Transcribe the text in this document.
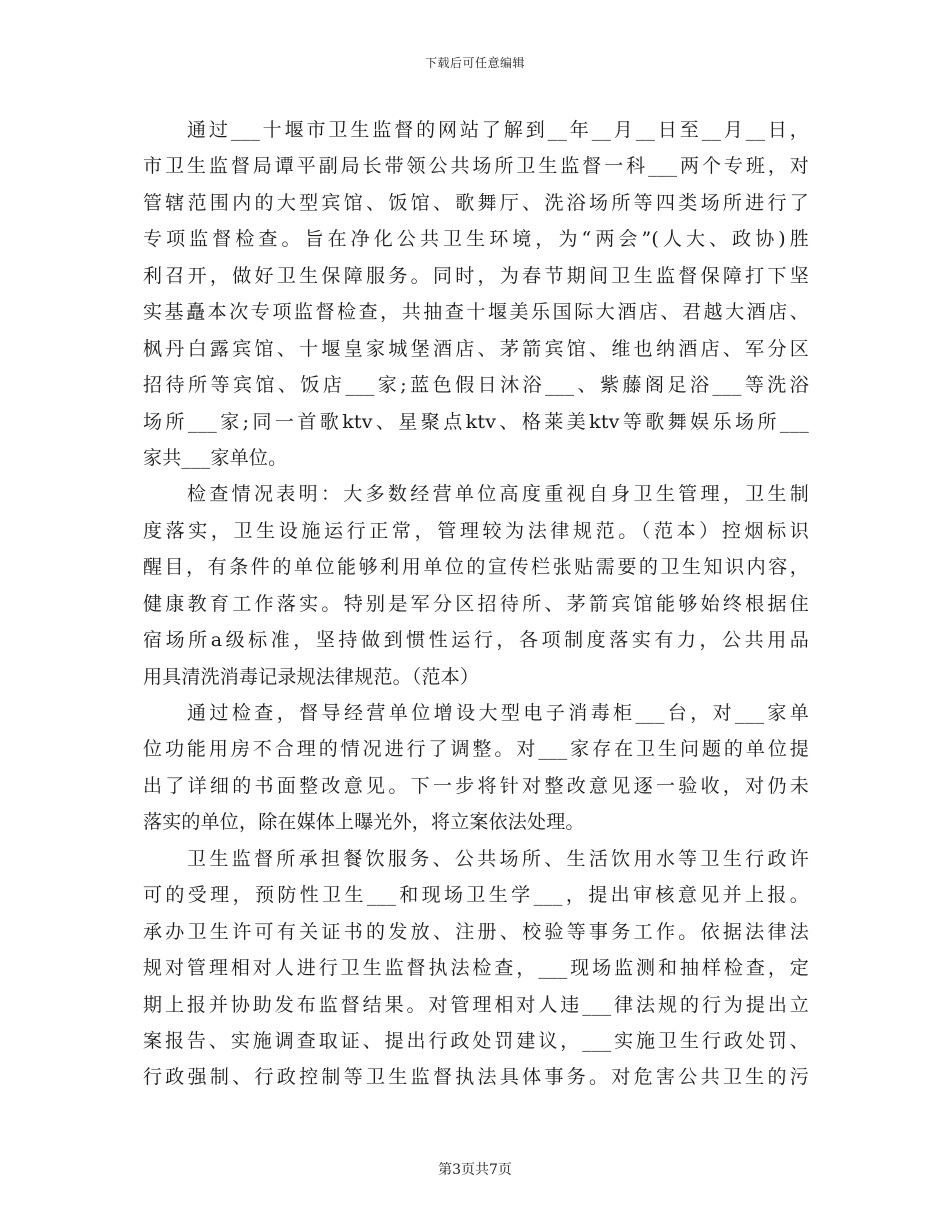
下载后可任意编辑
通过___十堰市卫生监督的网站了解到__年__月__日至__月__日，
市卫生监督局谭平副局长带领公共场所卫生监督一科___两个专班，对
管辖范围内的大型宾馆、饭馆、歌舞厅、洗浴场所等四类场所进行了
专项监督检查。旨在净化公共卫生环境，为“两会”(人大、政协)胜
利召开，做好卫生保障服务。同时，为春节期间卫生监督保障打下坚
实基矗本次专项监督检查，共抽查十堰美乐国际大酒店、君越大酒店、
枫丹白露宾馆、十堰皇家城堡酒店、茅箭宾馆、维也纳酒店、军分区
招待所等宾馆、饭店___家;蓝色假日沐浴___、紫藤阁足浴___等洗浴
场所___家;同一首歌ktv、星聚点ktv、格莱美ktv等歌舞娱乐场所___
家共___家单位。
检查情况表明：大多数经营单位高度重视自身卫生管理，卫生制
度落实，卫生设施运行正常，管理较为法律规范。（范本）控烟标识
醒目，有条件的单位能够利用单位的宣传栏张贴需要的卫生知识内容，
健康教育工作落实。特别是军分区招待所、茅箭宾馆能够始终根据住
宿场所a级标准，坚持做到惯性运行，各项制度落实有力，公共用品
用具清洗消毒记录规法律规范。（范本）
通过检查，督导经营单位增设大型电子消毒柜___台，对___家单
位功能用房不合理的情况进行了调整。对___家存在卫生问题的单位提
出了详细的书面整改意见。下一步将针对整改意见逐一验收，对仍未
落实的单位，除在媒体上曝光外，将立案依法处理。
卫生监督所承担餐饮服务、公共场所、生活饮用水等卫生行政许
可的受理，预防性卫生___和现场卫生学___，提出审核意见并上报。
承办卫生许可有关证书的发放、注册、校验等事务工作。依据法律法
规对管理相对人进行卫生监督执法检查，___现场监测和抽样检查，定
期上报并协助发布监督结果。对管理相对人违___律法规的行为提出立
案报告、实施调查取证、提出行政处罚建议，___实施卫生行政处罚、
行政强制、行政控制等卫生监督执法具体事务。对危害公共卫生的污
第3页共7页
